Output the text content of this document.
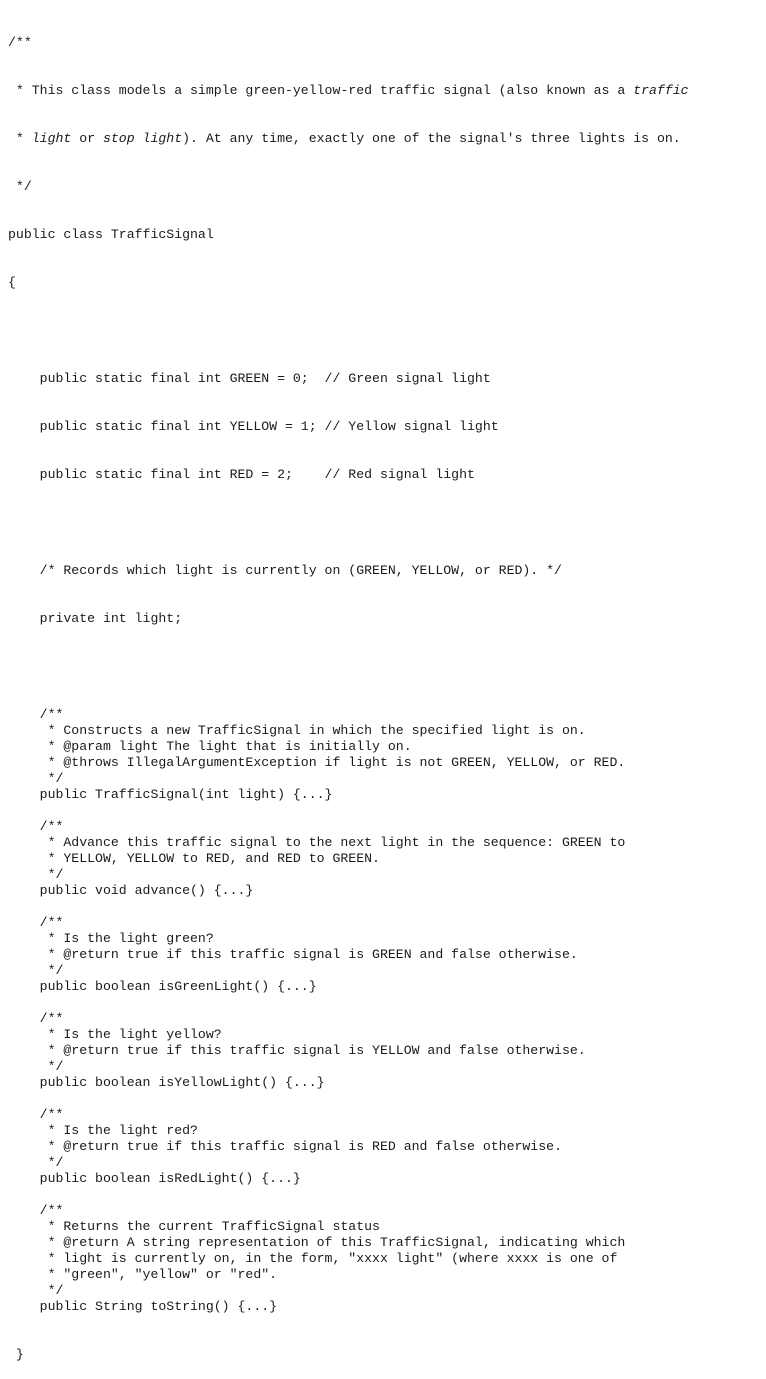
/**

* This class models a simple green-yellow-red traffic signal (also known as a traffic

* light or stop light). At any time, exactly one of the signal's three lights is on.

*/

public class TrafficSignal

{

public static final int GREEN = 0;  // Green signal light

public static final int YELLOW = 1; // Yellow signal light

public static final int RED = 2;    // Red signal light

/* Records which light is currently on (GREEN, YELLOW, or RED). */

private int light;

/**
* Constructs a new TrafficSignal in which the specified light is on.
* @param light The light that is initially on.
* @throws IllegalArgumentException if light is not GREEN, YELLOW, or RED.
*/
public TrafficSignal(int light) {...}
/**
* Advance this traffic signal to the next light in the sequence: GREEN to
* YELLOW, YELLOW to RED, and RED to GREEN.
*/
public void advance() {...}
/**
* Is the light green?
* @return true if this traffic signal is GREEN and false otherwise.
*/
public boolean isGreenLight() {...}
/**
* Is the light yellow?
* @return true if this traffic signal is YELLOW and false otherwise.
*/
public boolean isYellowLight() {...}
/**
* Is the light red?
* @return true if this traffic signal is RED and false otherwise.
*/
public boolean isRedLight() {...}
/**
* Returns the current TrafficSignal status
* @return A string representation of this TrafficSignal, indicating which
* light is currently on, in the form, "xxxx light" (where xxxx is one of
* "green", "yellow" or "red".
*/
public String toString() {...}

}
